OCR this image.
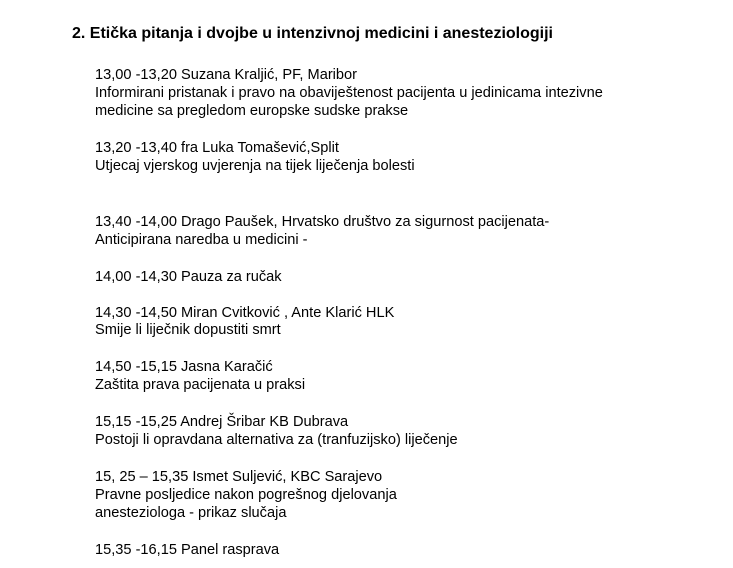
2. Etička pitanja i dvojbe u intenzivnoj medicini i anesteziologiji
13,00 -13,20 Suzana Kraljić, PF, Maribor
Informirani pristanak i pravo na obaviještenost pacijenta u jedinicama intezivne
medicine sa pregledom europske sudske prakse
13,20 -13,40 fra Luka Tomašević,Split
Utjecaj vjerskog uvjerenja na tijek liječenja bolesti
13,40 -14,00 Drago Paušek, Hrvatsko društvo za sigurnost pacijenata-
Anticipirana naredba u medicini -
14,00 -14,30 Pauza za ručak
14,30 -14,50 Miran Cvitković , Ante Klarić HLK
Smije li liječnik dopustiti smrt
14,50 -15,15 Jasna Karačić
Zaštita prava pacijenata u praksi
15,15 -15,25 Andrej Šribar KB Dubrava
Postoji li opravdana alternativa za (tranfuzijsko) liječenje
15, 25 – 15,35 Ismet Suljević, KBC Sarajevo
Pravne posljedice nakon pogrešnog djelovanja
anesteziologa - prikaz slučaja
15,35 -16,15 Panel rasprava
